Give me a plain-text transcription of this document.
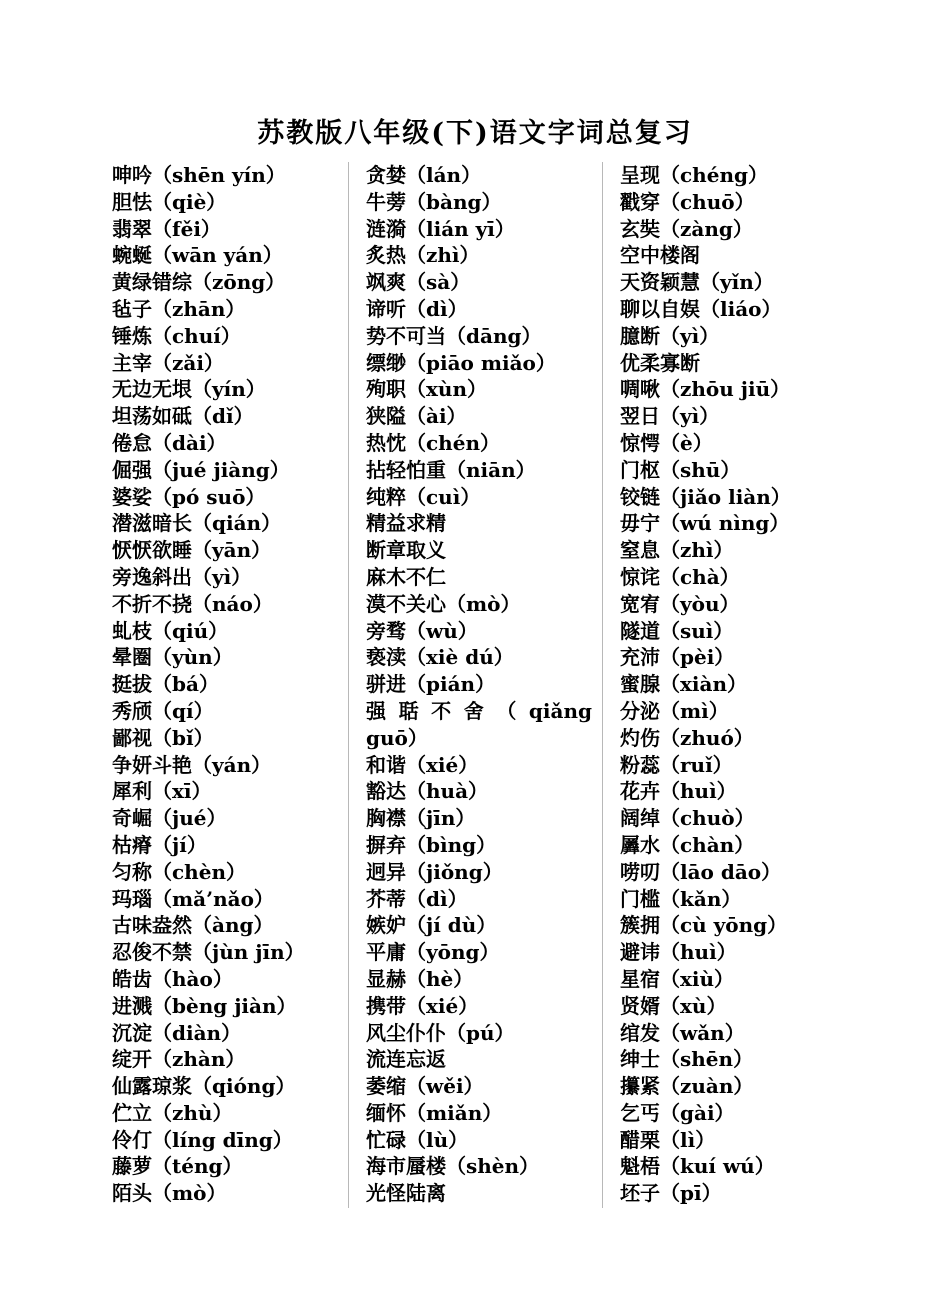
苏教版八年级(下)语文字词总复习
呻吟（shēn yín）
胆怯（qiè）
翡翠（fěi）
蜿蜒（wān yán）
黄绿错综（zōng）
毡子（zhān）
锤炼（chuí）
主宰（zǎi）
无边无垠（yín）
坦荡如砥（dǐ）
倦怠（dài）
倔强（jué jiàng）
婆娑（pó suō）
潜滋暗长（qián）
恹恹欲睡（yān）
旁逸斜出（yì）
不折不挠（náo）
虬枝（qiú）
晕圈（yùn）
挺拔（bá）
秀颀（qí）
鄙视（bǐ）
争妍斗艳（yán）
犀利（xī）
奇崛（jué）
枯瘠（jí）
匀称（chèn）
玛瑙（mǎ’nǎo）
古味盎然（àng）
忍俊不禁（jùn jīn）
皓齿（hào）
进溅（bèng jiàn）
沉淀（diàn）
绽开（zhàn）
仙露琼浆（qióng）
伫立（zhù）
伶仃（líng dīng）
藤萝（téng）
陌头（mò）
贪婪（lán）
牛蒡（bàng）
涟漪（lián yī）
炙热（zhì）
飒爽（sà）
谛听（dì）
势不可当（dāng）
缥缈（piāo miǎo）
殉职（xùn）
狭隘（ài）
热忱（chén）
拈轻怕重（niān）
纯粹（cuì）
精益求精
断章取义
麻木不仁
漠不关心（mò）
旁骛（wù）
亵渎（xiè dú）
骈进（pián）
强 聒 不 舍 （ qiǎng guō）
和谐（xié）
豁达（huà）
胸襟（jīn）
摒弃（bìng）
迥异（jiǒng）
芥蒂（dì）
嫉妒（jí dù）
平庸（yōng）
显赫（hè）
携带（xié）
风尘仆仆（pú）
流连忘返
萎缩（wěi）
缅怀（miǎn）
忙碌（lù）
海市蜃楼（shèn）
光怪陆离
呈现（chéng）
戳穿（chuō）
玄奘（zàng）
空中楼阁
天资颖慧（yǐn）
聊以自娱（liáo）
臆断（yì）
优柔寡断
啁啾（zhōu jiū）
翌日（yì）
惊愕（è）
门枢（shū）
铰链（jiǎo liàn）
毋宁（wú nìng）
窒息（zhì）
惊诧（chà）
宽宥（yòu）
隧道（suì）
充沛（pèi）
蜜腺（xiàn）
分泌（mì）
灼伤（zhuó）
粉蕊（ruǐ）
花卉（huì）
阔绰（chuò）
羼水（chàn）
唠叨（lāo dāo）
门槛（kǎn）
簇拥（cù yōng）
避讳（huì）
星宿（xiù）
贤婿（xù）
绾发（wǎn）
绅士（shēn）
攥紧（zuàn）
乞丐（gài）
醋栗（lì）
魁梧（kuí wú）
坯子（pī）
